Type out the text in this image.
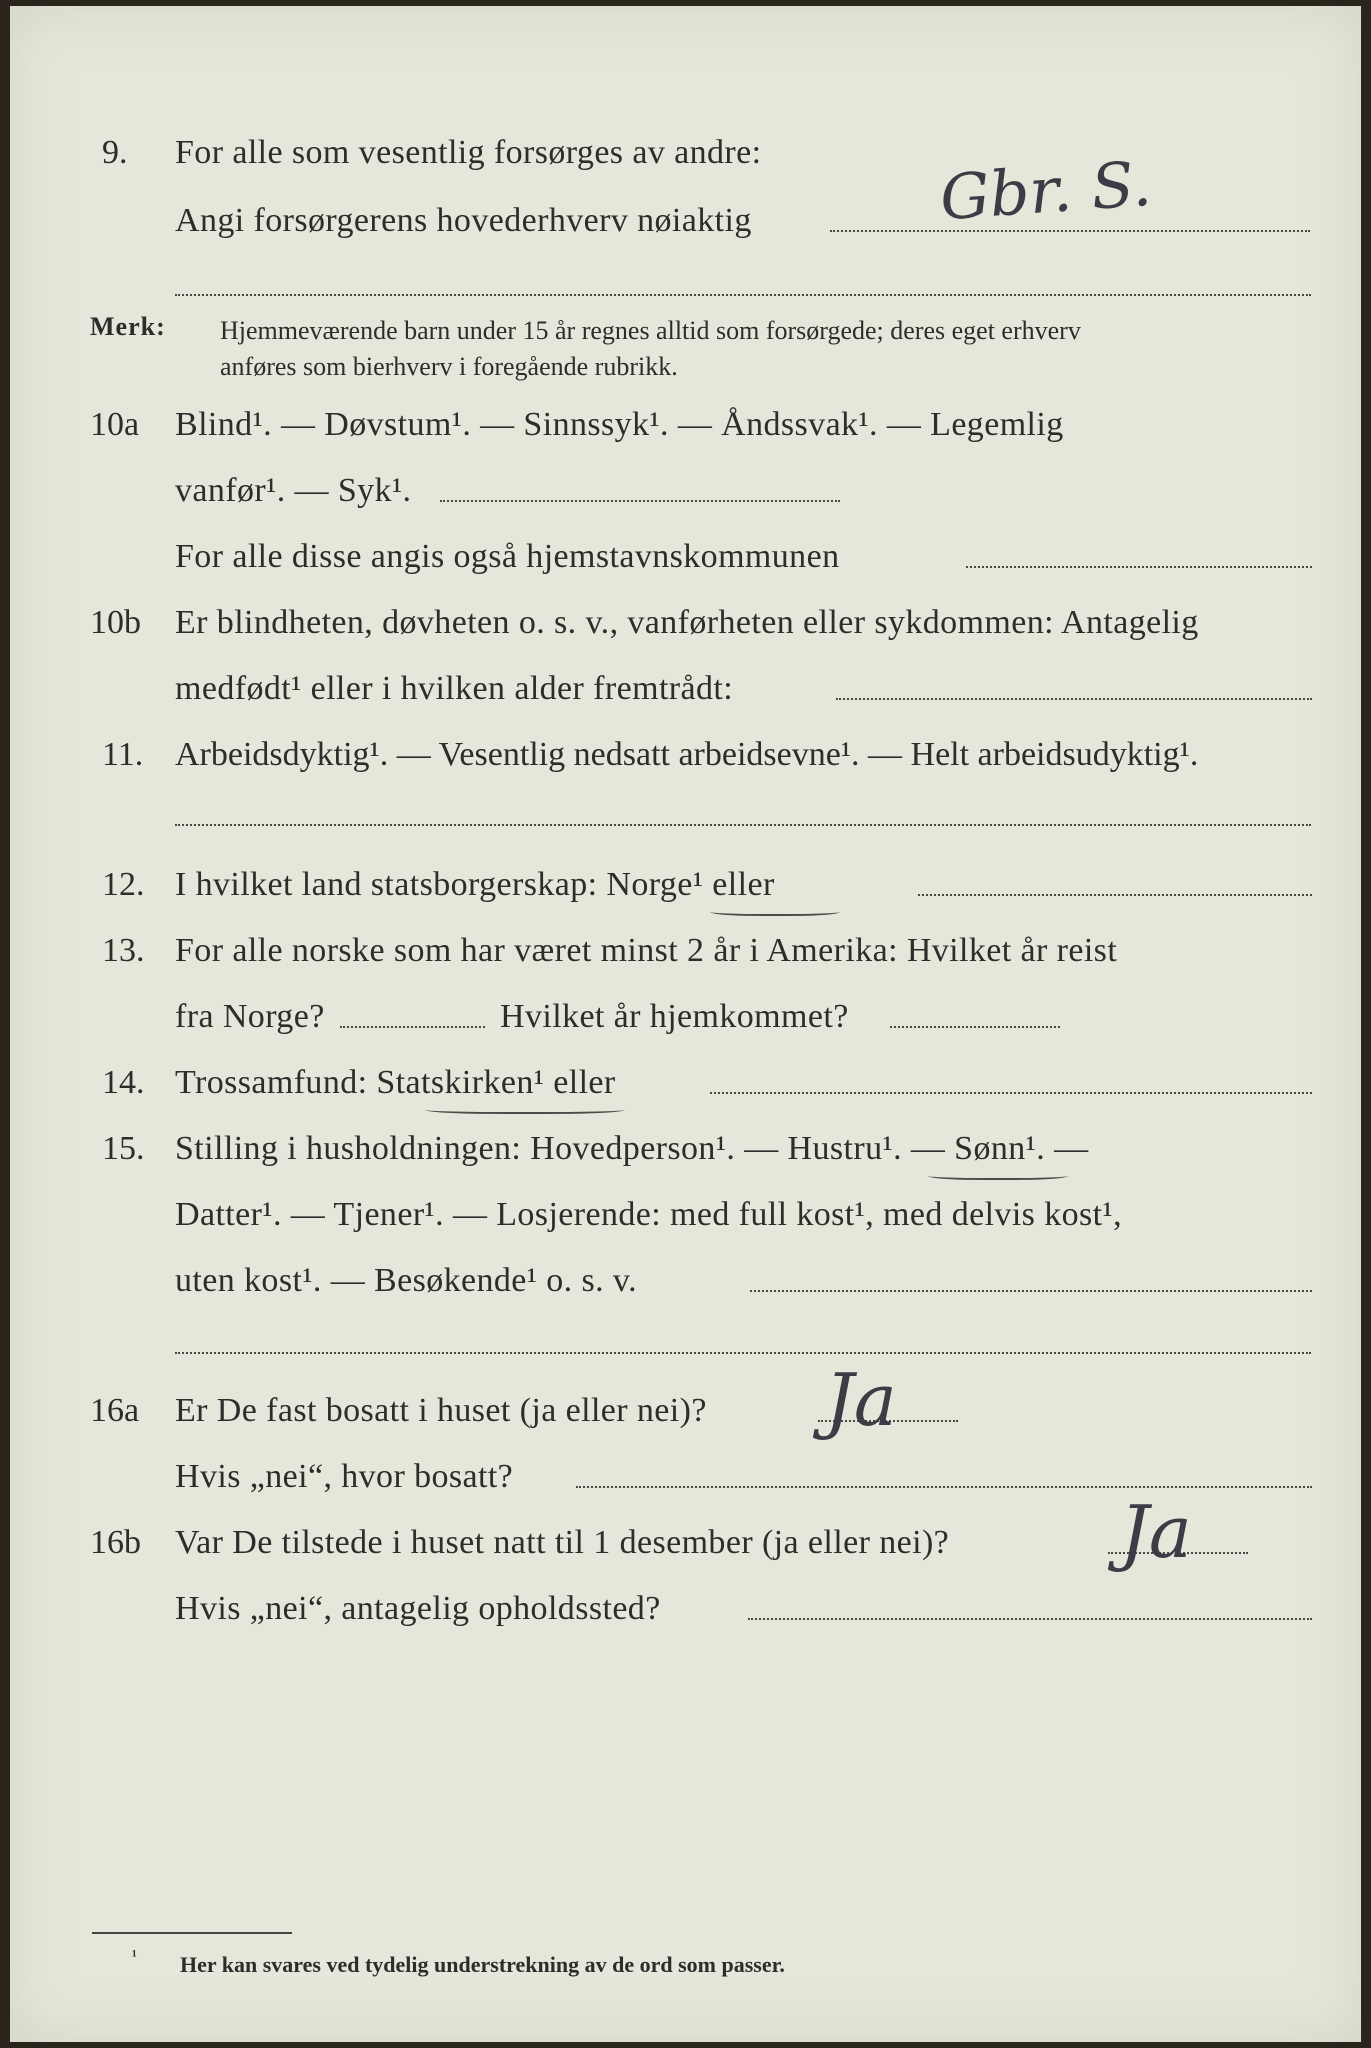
9. For alle som vesentlig forsørges av andre:
Angi forsørgerens hovederhverv nøiaktig	Gbr. S.
Merk: Hjemmeværende barn under 15 år regnes alltid som forsørgede; deres eget erhverv
anføres som bierhverv i foregående rubrikk.
10a Blind¹. — Døvstum¹. — Sinnssyk¹. — Åndssvak¹. — Legemlig
vanfør¹. — Syk¹.
For alle disse angis også hjemstavnskommunen
10b Er blindheten, døvheten o. s. v., vanførheten eller sykdommen: Antagelig
medfødt¹ eller i hvilken alder fremtrådt:
11. Arbeidsdyktig¹. — Vesentlig nedsatt arbeidsevne¹. — Helt arbeidsudyktig¹.
12. I hvilket land statsborgerskap: Norge¹ eller
13. For alle norske som har været minst 2 år i Amerika: Hvilket år reist
fra Norge?	Hvilket år hjemkommet?
14. Trossamfund: Statskirken¹ eller
15. Stilling i husholdningen: Hovedperson¹. — Hustru¹. — Sønn¹. —
Datter¹. — Tjener¹. — Losjerende: med full kost¹, med delvis kost¹,
uten kost¹. — Besøkende¹ o. s. v.
16a Er De fast bosatt i huset (ja eller nei)? Ja
Hvis „nei“, hvor bosatt?
16b Var De tilstede i huset natt til 1 desember (ja eller nei)? Ja
Hvis „nei“, antagelig opholdssted?
¹ Her kan svares ved tydelig understrekning av de ord som passer.
